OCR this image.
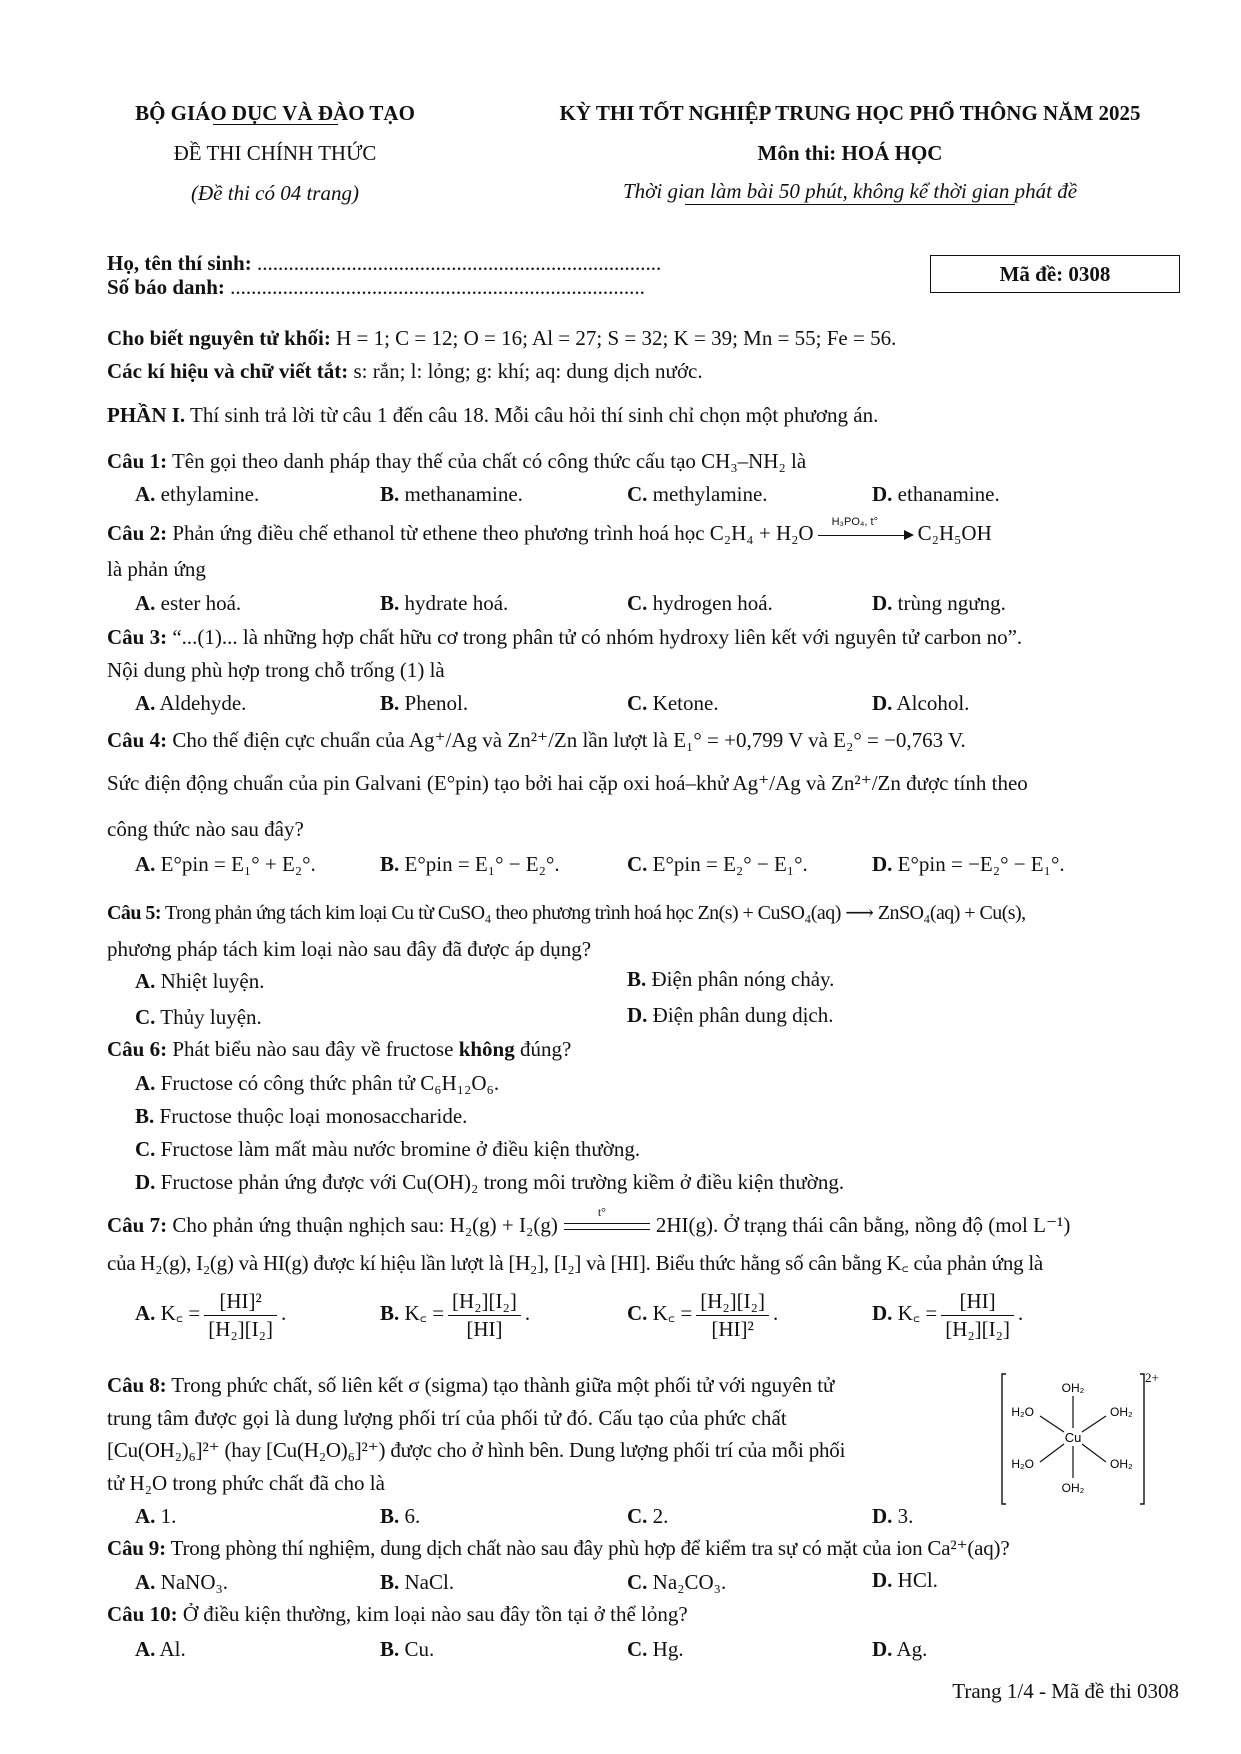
BỘ GIÁO DỤC VÀ ĐÀO TẠO
ĐỀ THI CHÍNH THỨC
(Đề thi có 04 trang)
KỲ THI TỐT NGHIỆP TRUNG HỌC PHỔ THÔNG NĂM 2025
Môn thi: HOÁ HỌC
Thời gian làm bài 50 phút, không kể thời gian phát đề
Họ, tên thí sinh: .............................................................................
Số báo danh: ...............................................................................
Mã đề: 0308
Cho biết nguyên tử khối: H = 1; C = 12; O = 16; Al = 27; S = 32; K = 39; Mn = 55; Fe = 56.
Các kí hiệu và chữ viết tắt: s: rắn; l: lỏng; g: khí; aq: dung dịch nước.
PHẦN I. Thí sinh trả lời từ câu 1 đến câu 18. Mỗi câu hỏi thí sinh chỉ chọn một phương án.
Câu 1: Tên gọi theo danh pháp thay thế của chất có công thức cấu tạo CH₃–NH₂ là
A. ethylamine.	B. methanamine.	C. methylamine.	D. ethanamine.
Câu 2: Phản ứng điều chế ethanol từ ethene theo phương trình hoá học C₂H₄ + H₂O H₃PO₄, t° C₂H₅OH
là phản ứng
A. ester hoá.	B. hydrate hoá.	C. hydrogen hoá.	D. trùng ngưng.
Câu 3: “...(1)... là những hợp chất hữu cơ trong phân tử có nhóm hydroxy liên kết với nguyên tử carbon no”.
Nội dung phù hợp trong chỗ trống (1) là
A. Aldehyde.	B. Phenol.	C. Ketone.	D. Alcohol.
Câu 4: Cho thế điện cực chuẩn của Ag⁺/Ag và Zn²⁺/Zn lần lượt là E₁° = +0,799 V và E₂° = −0,763 V.
Sức điện động chuẩn của pin Galvani (E°pin) tạo bởi hai cặp oxi hoá–khử Ag⁺/Ag và Zn²⁺/Zn được tính theo
công thức nào sau đây?
A. E°pin = E₁° + E₂°.	B. E°pin = E₁° − E₂°.	C. E°pin = E₂° − E₁°.	D. E°pin = −E₂° − E₁°.
Câu 5: Trong phản ứng tách kim loại Cu từ CuSO₄ theo phương trình hoá học Zn(s) + CuSO₄(aq) ⟶ ZnSO₄(aq) + Cu(s),
phương pháp tách kim loại nào sau đây đã được áp dụng?
A. Nhiệt luyện.	B. Điện phân nóng chảy.
C. Thủy luyện.	D. Điện phân dung dịch.
Câu 6: Phát biểu nào sau đây về fructose không đúng?
A. Fructose có công thức phân tử C₆H₁₂O₆.
B. Fructose thuộc loại monosaccharide.
C. Fructose làm mất màu nước bromine ở điều kiện thường.
D. Fructose phản ứng được với Cu(OH)₂ trong môi trường kiềm ở điều kiện thường.
Câu 7: Cho phản ứng thuận nghịch sau: H₂(g) + I₂(g)
t°
2HI(g). Ở trạng thái cân bằng, nồng độ (mol L⁻¹)
của H₂(g), I₂(g) và HI(g) được kí hiệu lần lượt là [H₂], [I₂] và [HI]. Biểu thức hằng số cân bằng K꜀ của phản ứng là
A. K꜀ = $\frac{\text{[HI]²}}{\text{[H₂][I₂]}}$ .	B. K꜀ = $\frac{\text{[H₂][I₂]}}{[HI]}$ .	C. K꜀ = $\frac{\text{[H₂][I₂]}}{\text{[HI]²}}$ .	D. K꜀ = $\frac{[HI]}{\text{[H₂][I₂]}}$ .
Câu 8: Trong phức chất, số liên kết σ (sigma) tạo thành giữa một phối tử với nguyên tử
trung tâm được gọi là dung lượng phối trí của phối tử đó. Cấu tạo của phức chất
[Cu(OH₂)₆]²⁺ (hay [Cu(H₂O)₆]²⁺) được cho ở hình bên. Dung lượng phối trí của mỗi phối
tử H₂O trong phức chất đã cho là
Cu
OH₂
OH₂
H₂O
H₂O
OH₂
OH₂
2+
A. 1.	B. 6.	C. 2.	D. 3.
Câu 9: Trong phòng thí nghiệm, dung dịch chất nào sau đây phù hợp để kiểm tra sự có mặt của ion Ca²⁺(aq)?
A. NaNO₃.	B. NaCl.	C. Na₂CO₃.	D. HCl.
Câu 10: Ở điều kiện thường, kim loại nào sau đây tồn tại ở thể lỏng?
A. Al.	B. Cu.	C. Hg.	D. Ag.
Trang 1/4 - Mã đề thi 0308
